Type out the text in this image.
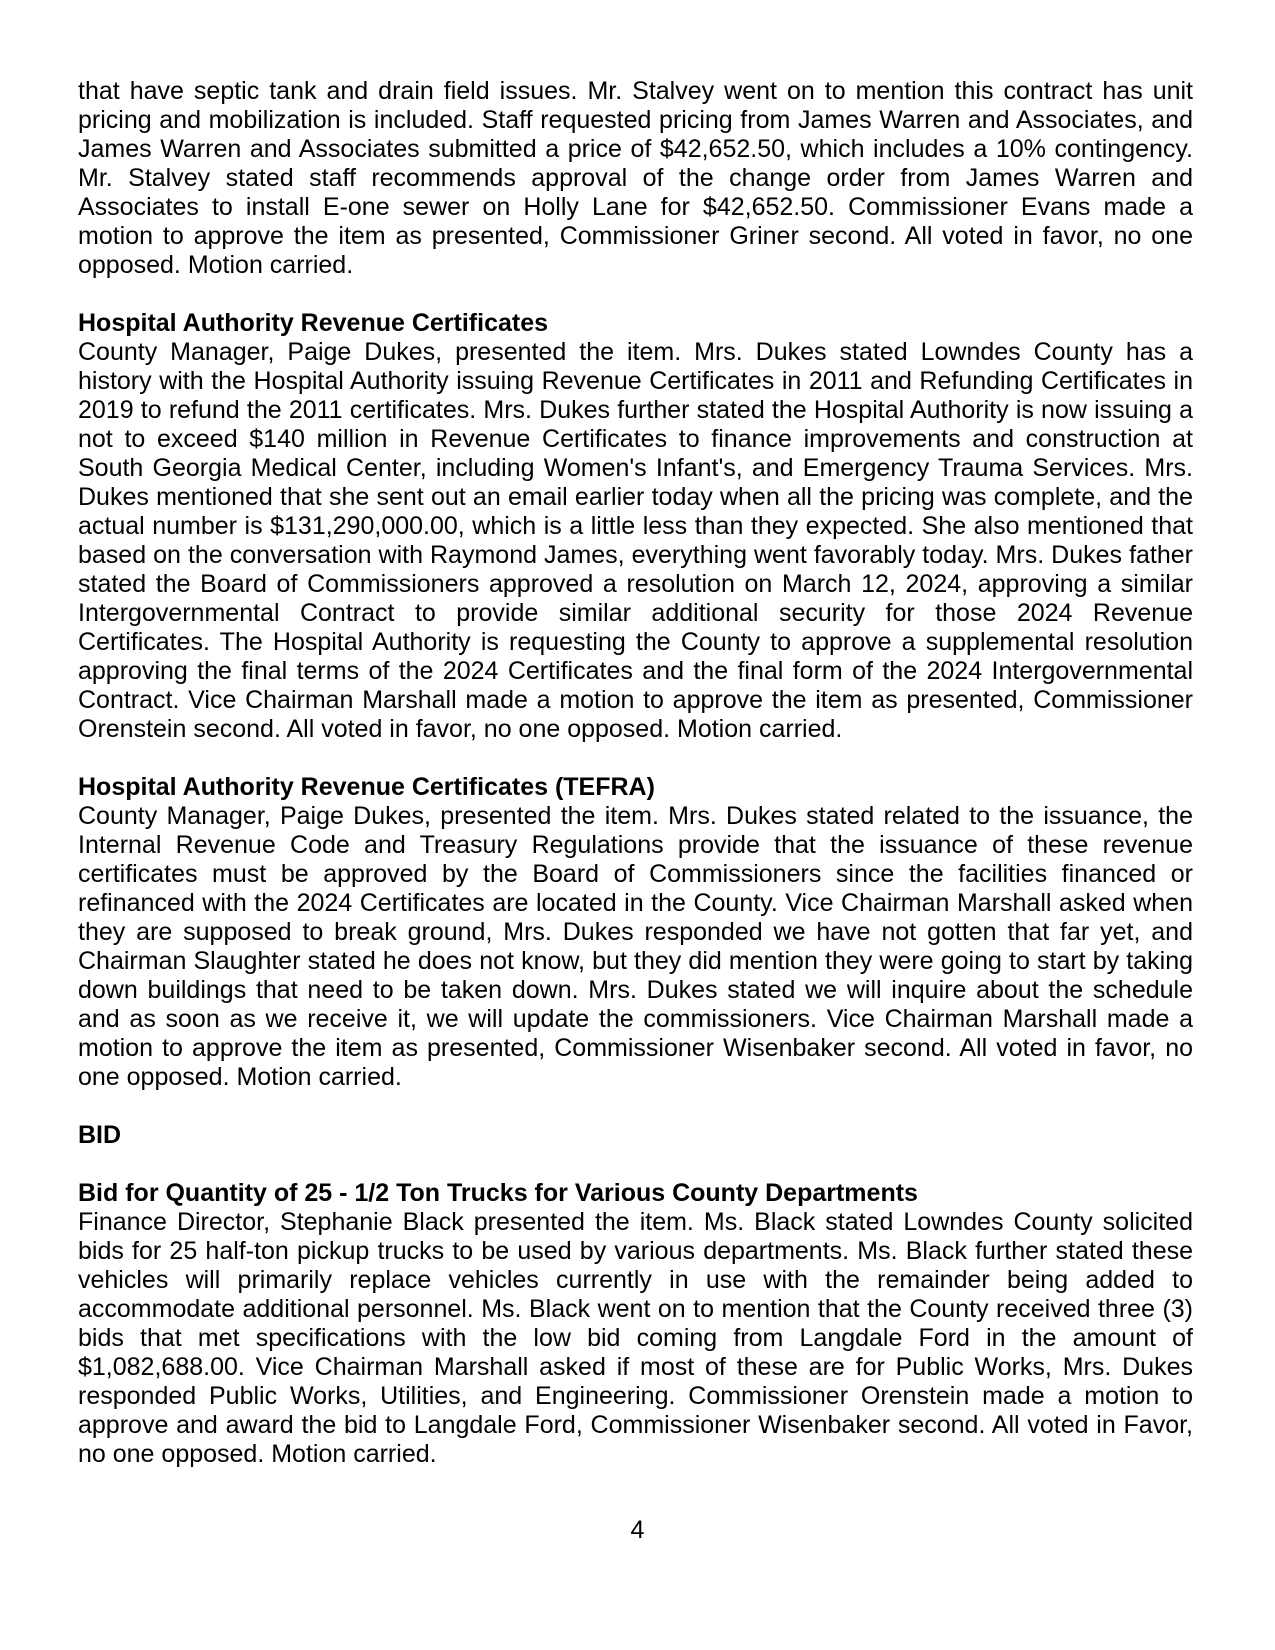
that have septic tank and drain field issues. Mr. Stalvey went on to mention this contract has unit pricing and mobilization is included. Staff requested pricing from James Warren and Associates, and James Warren and Associates submitted a price of $42,652.50, which includes a 10% contingency. Mr. Stalvey stated staff recommends approval of the change order from James Warren and Associates to install E-one sewer on Holly Lane for $42,652.50. Commissioner Evans made a motion to approve the item as presented, Commissioner Griner second. All voted in favor, no one opposed. Motion carried.

Hospital Authority Revenue Certificates

County Manager, Paige Dukes, presented the item. Mrs. Dukes stated Lowndes County has a history with the Hospital Authority issuing Revenue Certificates in 2011 and Refunding Certificates in 2019 to refund the 2011 certificates. Mrs. Dukes further stated the Hospital Authority is now issuing a not to exceed $140 million in Revenue Certificates to finance improvements and construction at South Georgia Medical Center, including Women's Infant's, and Emergency Trauma Services. Mrs. Dukes mentioned that she sent out an email earlier today when all the pricing was complete, and the actual number is $131,290,000.00, which is a little less than they expected. She also mentioned that based on the conversation with Raymond James, everything went favorably today. Mrs. Dukes father stated the Board of Commissioners approved a resolution on March 12, 2024, approving a similar Intergovernmental Contract to provide similar additional security for those 2024 Revenue Certificates. The Hospital Authority is requesting the County to approve a supplemental resolution approving the final terms of the 2024 Certificates and the final form of the 2024 Intergovernmental Contract. Vice Chairman Marshall made a motion to approve the item as presented, Commissioner Orenstein second. All voted in favor, no one opposed. Motion carried.

Hospital Authority Revenue Certificates (TEFRA)

County Manager, Paige Dukes, presented the item. Mrs. Dukes stated related to the issuance, the Internal Revenue Code and Treasury Regulations provide that the issuance of these revenue certificates must be approved by the Board of Commissioners since the facilities financed or refinanced with the 2024 Certificates are located in the County. Vice Chairman Marshall asked when they are supposed to break ground, Mrs. Dukes responded we have not gotten that far yet, and Chairman Slaughter stated he does not know, but they did mention they were going to start by taking down buildings that need to be taken down. Mrs. Dukes stated we will inquire about the schedule and as soon as we receive it, we will update the commissioners. Vice Chairman Marshall made a motion to approve the item as presented, Commissioner Wisenbaker second. All voted in favor, no one opposed. Motion carried.

BID
Bid for Quantity of 25 - 1/2 Ton Trucks for Various County Departments

Finance Director, Stephanie Black presented the item. Ms. Black stated Lowndes County solicited bids for 25 half-ton pickup trucks to be used by various departments. Ms. Black further stated these vehicles will primarily replace vehicles currently in use with the remainder being added to accommodate additional personnel. Ms. Black went on to mention that the County received three (3) bids that met specifications with the low bid coming from Langdale Ford in the amount of $1,082,688.00. Vice Chairman Marshall asked if most of these are for Public Works, Mrs. Dukes responded Public Works, Utilities, and Engineering. Commissioner Orenstein made a motion to approve and award the bid to Langdale Ford, Commissioner Wisenbaker second. All voted in Favor, no one opposed. Motion carried.

4
